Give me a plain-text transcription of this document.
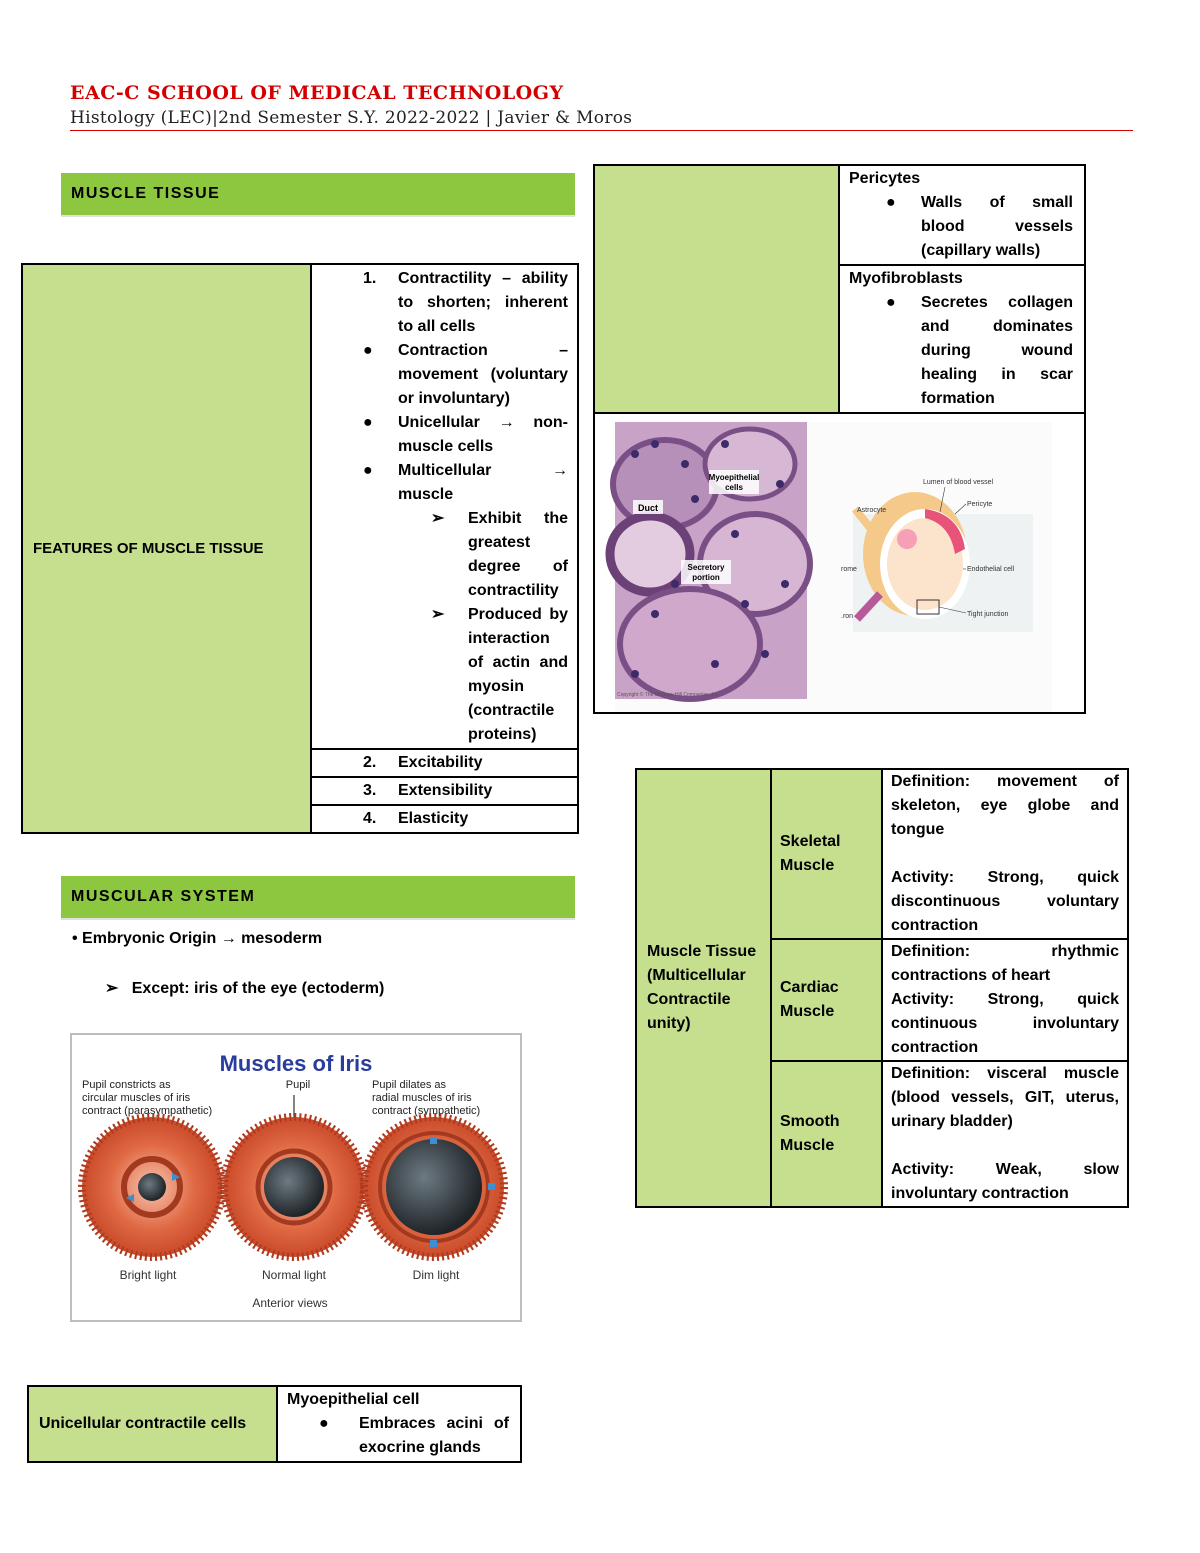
EAC-C SCHOOL OF MEDICAL TECHNOLOGY
Histology (LEC)|2nd Semester S.Y. 2022-2022 | Javier & Moros
MUSCLE TISSUE
FEATURES OF MUSCLE TISSUE	
1. Contractility – ability to shorten; inherent to all cells
● Contraction – movement (voluntary or involuntary)
● Unicellular → non-muscle cells
● Multicellular → muscle
➢ Exhibit the greatest degree of contractility
➢ Produced by interaction of actin and myosin (contractile proteins)

2. Excitability

3. Extensibility

4. Elasticity
MUSCULAR SYSTEM
• Embryonic Origin → mesoderm
➢ Except: iris of the eye (ectoderm)
Muscles of Iris
Pupil constricts as circular muscles of iris contract (parasympathetic)
Pupil	Pupil dilates as radial muscles of iris contract (sympathetic)
Bright light	Normal light	Dim light
Anterior views
Unicellular contractile cells	
Myoepithelial cell
● Embraces acini of exocrine glands

Pericytes
● Walls of small blood vessels (capillary walls)

Myofibroblasts
● Secretes collagen and dominates during wound healing in scar formation

Myoepithelial
cells
Duct
Secretory
portion
Copyright © The McGraw-Hill Companies, Inc.
Lumen of blood vessel
Astrocyte
Pericyte
Endothelial cell
rome
.ron	Tight junction
Muscle Tissue (Multicellular Contractile unity)	Skeletal Muscle	Definition: movement of skeleton, eye globe and tongue
Activity: Strong, quick discontinuous voluntary contraction

	Cardiac Muscle	Definition: rhythmic contractions of heart
Activity: Strong, quick continuous involuntary contraction

	Smooth Muscle	Definition: visceral muscle (blood vessels, GIT, uterus, urinary bladder)
Activity: Weak, slow involuntary contraction
